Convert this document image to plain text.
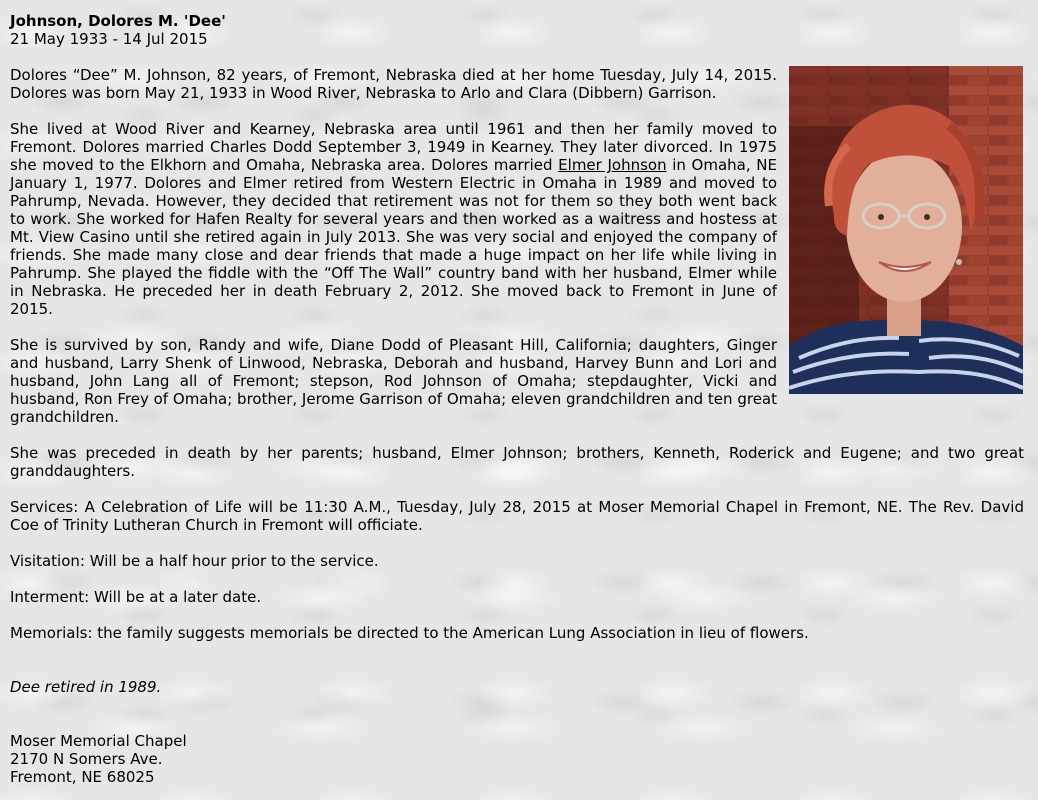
Johnson, Dolores M. 'Dee'
21 May 1933 - 14 Jul 2015

Dolores “Dee” M. Johnson, 82 years, of Fremont, Nebraska died at her home Tuesday, July 14, 2015. Dolores was born May 21, 1933 in Wood River, Nebraska to Arlo and Clara (Dibbern) Garrison.

She lived at Wood River and Kearney, Nebraska area until 1961 and then her family moved to Fremont. Dolores married Charles Dodd September 3, 1949 in Kearney. They later divorced. In 1975 she moved to the Elkhorn and Omaha, Nebraska area. Dolores married Elmer Johnson in Omaha, NE January 1, 1977. Dolores and Elmer retired from Western Electric in Omaha in 1989 and moved to Pahrump, Nevada. However, they decided that retirement was not for them so they both went back to work. She worked for Hafen Realty for several years and then worked as a waitress and hostess at Mt. View Casino until she retired again in July 2013. She was very social and enjoyed the company of friends. She made many close and dear friends that made a huge impact on her life while living in Pahrump. She played the fiddle with the “Off The Wall” country band with her husband, Elmer while in Nebraska. He preceded her in death February 2, 2012. She moved back to Fremont in June of 2015.

She is survived by son, Randy and wife, Diane Dodd of Pleasant Hill, California; daughters, Ginger and husband, Larry Shenk of Linwood, Nebraska, Deborah and husband, Harvey Bunn and Lori and husband, John Lang all of Fremont; stepson, Rod Johnson of Omaha; stepdaughter, Vicki and husband, Ron Frey of Omaha; brother, Jerome Garrison of Omaha; eleven grandchildren and ten great grandchildren.

She was preceded in death by her parents; husband, Elmer Johnson; brothers, Kenneth, Roderick and Eugene; and two great granddaughters.

Services: A Celebration of Life will be 11:30 A.M., Tuesday, July 28, 2015 at Moser Memorial Chapel in Fremont, NE. The Rev. David Coe of Trinity Lutheran Church in Fremont will officiate.

Visitation: Will be a half hour prior to the service.

Interment: Will be at a later date.

Memorials: the family suggests memorials be directed to the American Lung Association in lieu of flowers.

Dee retired in 1989.

Moser Memorial Chapel
2170 N Somers Ave.
Fremont, NE 68025
